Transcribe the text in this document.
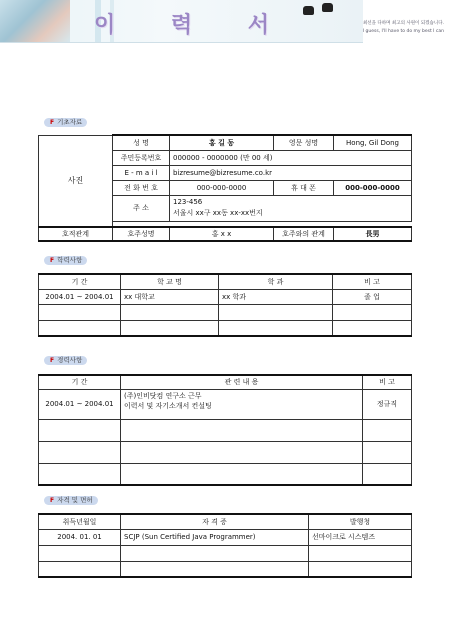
이 력 서	최선을 다하며 최고의 사원이 되겠습니다.
I guess, I'll have to do my best I can
F 기초자료
사진	성 명	홍 길 동	영문 성명	Hong, Gil Dong
	주민등록번호	000000 - 0000000 (만 00 세)		
	E - m a i l	bizresume@bizresume.co.kr		
	전 화 번 호	000-000-0000	휴 대 폰	000-000-0000
	주 소	123-456
서울시 xx구 xx동 xx-xx번지		

호적관계	호주성명	홍 x x	호주와의 관계	長男
F 학력사항
기 간	학 교 명	학 과	비 고
2004.01 ~ 2004.01	xx 대학교	xx 학과	졸 업

F 경력사항
기 간	관 련 내 용	비 고
2004.01 ~ 2004.01	(주)인비닷컴 연구소 근무
이력서 및 자기소개서 컨설팅	정규직

F 자격 및 면허
취득년월일	자 격 증	발행청
2004. 01. 01	SCJP (Sun Certified Java Programmer)	선마이크로 시스템즈
